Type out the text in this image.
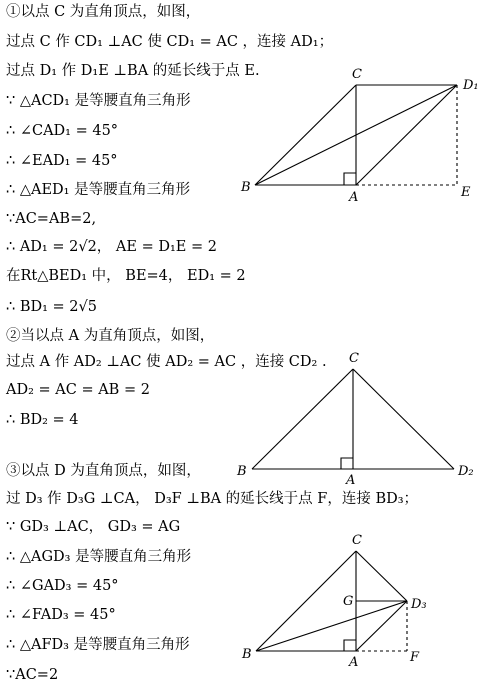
①以点 C 为直角顶点，如图，
过点 C 作 CD₁ ⊥AC 使 CD₁ = AC ，连接 AD₁；
过点 D₁ 作 D₁E ⊥BA 的延长线于点 E.
∵ △ACD₁ 是等腰直角三角形
∴ ∠CAD₁ = 45°
∴ ∠EAD₁ = 45°
∴ △AED₁ 是等腰直角三角形
∵AC=AB=2,
∴ AD₁ = 2√2， AE = D₁E = 2
在Rt△BED₁ 中， BE=4， ED₁ = 2
∴ BD₁ = 2√5
②当以点 A 为直角顶点，如图，
过点 A 作 AD₂ ⊥AC 使 AD₂ = AC ，连接 CD₂ .
AD₂ = AC = AB = 2
∴ BD₂ = 4
③以点 D 为直角顶点，如图，
过 D₃ 作 D₃G ⊥CA， D₃F ⊥BA 的延长线于点 F，连接 BD₃；
∵ GD₃ ⊥AC， GD₃ = AG
∴ △AGD₃ 是等腰直角三角形
∴ ∠GAD₃ = 45°
∴ ∠FAD₃ = 45°
∴ △AFD₃ 是等腰直角三角形
∵AC=2
C
D₁
B
A	E
C
B
A
D₂
C
G	D₃
B
A	F
